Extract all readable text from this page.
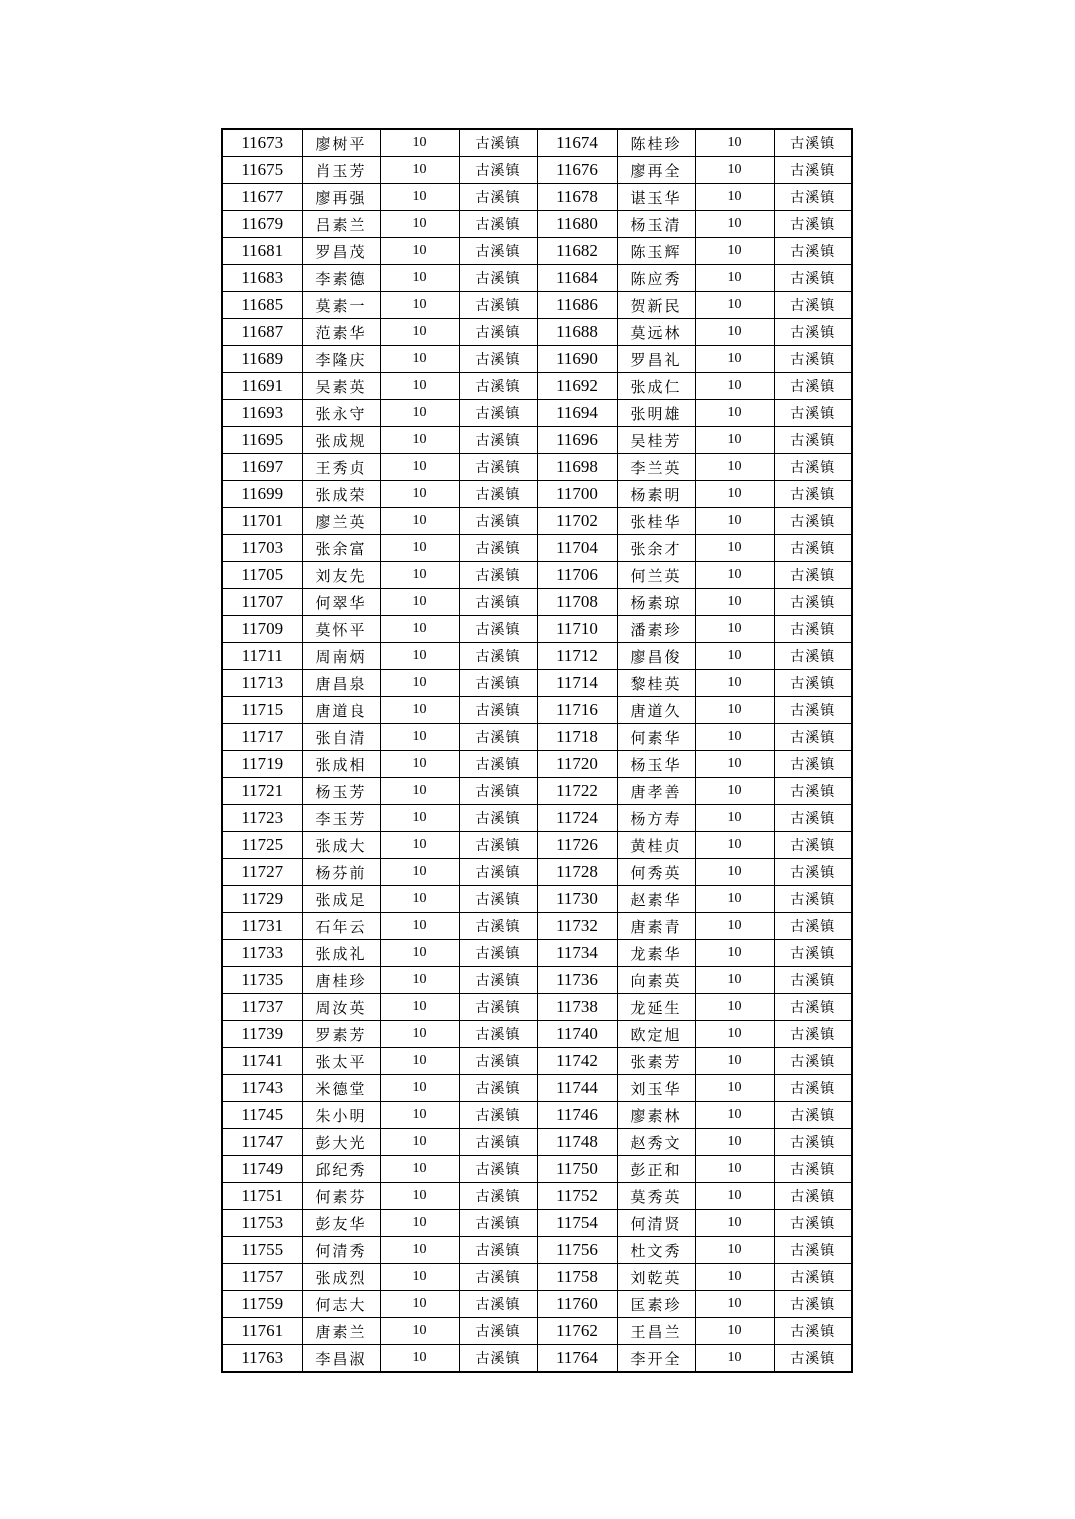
11673	廖树平	10	古溪镇	11674	陈桂珍	10	古溪镇
11675	肖玉芳	10	古溪镇	11676	廖再全	10	古溪镇
11677	廖再强	10	古溪镇	11678	谌玉华	10	古溪镇
11679	吕素兰	10	古溪镇	11680	杨玉清	10	古溪镇
11681	罗昌茂	10	古溪镇	11682	陈玉辉	10	古溪镇
11683	李素德	10	古溪镇	11684	陈应秀	10	古溪镇
11685	莫素一	10	古溪镇	11686	贺新民	10	古溪镇
11687	范素华	10	古溪镇	11688	莫远林	10	古溪镇
11689	李隆庆	10	古溪镇	11690	罗昌礼	10	古溪镇
11691	吴素英	10	古溪镇	11692	张成仁	10	古溪镇
11693	张永守	10	古溪镇	11694	张明雄	10	古溪镇
11695	张成规	10	古溪镇	11696	吴桂芳	10	古溪镇
11697	王秀贞	10	古溪镇	11698	李兰英	10	古溪镇
11699	张成荣	10	古溪镇	11700	杨素明	10	古溪镇
11701	廖兰英	10	古溪镇	11702	张桂华	10	古溪镇
11703	张余富	10	古溪镇	11704	张余才	10	古溪镇
11705	刘友先	10	古溪镇	11706	何兰英	10	古溪镇
11707	何翠华	10	古溪镇	11708	杨素琼	10	古溪镇
11709	莫怀平	10	古溪镇	11710	潘素珍	10	古溪镇
11711	周南炳	10	古溪镇	11712	廖昌俊	10	古溪镇
11713	唐昌泉	10	古溪镇	11714	黎桂英	10	古溪镇
11715	唐道良	10	古溪镇	11716	唐道久	10	古溪镇
11717	张自清	10	古溪镇	11718	何素华	10	古溪镇
11719	张成相	10	古溪镇	11720	杨玉华	10	古溪镇
11721	杨玉芳	10	古溪镇	11722	唐孝善	10	古溪镇
11723	李玉芳	10	古溪镇	11724	杨方寿	10	古溪镇
11725	张成大	10	古溪镇	11726	黄桂贞	10	古溪镇
11727	杨芬前	10	古溪镇	11728	何秀英	10	古溪镇
11729	张成足	10	古溪镇	11730	赵素华	10	古溪镇
11731	石年云	10	古溪镇	11732	唐素青	10	古溪镇
11733	张成礼	10	古溪镇	11734	龙素华	10	古溪镇
11735	唐桂珍	10	古溪镇	11736	向素英	10	古溪镇
11737	周汝英	10	古溪镇	11738	龙延生	10	古溪镇
11739	罗素芳	10	古溪镇	11740	欧定旭	10	古溪镇
11741	张太平	10	古溪镇	11742	张素芳	10	古溪镇
11743	米德堂	10	古溪镇	11744	刘玉华	10	古溪镇
11745	朱小明	10	古溪镇	11746	廖素林	10	古溪镇
11747	彭大光	10	古溪镇	11748	赵秀文	10	古溪镇
11749	邱纪秀	10	古溪镇	11750	彭正和	10	古溪镇
11751	何素芬	10	古溪镇	11752	莫秀英	10	古溪镇
11753	彭友华	10	古溪镇	11754	何清贤	10	古溪镇
11755	何清秀	10	古溪镇	11756	杜文秀	10	古溪镇
11757	张成烈	10	古溪镇	11758	刘乾英	10	古溪镇
11759	何志大	10	古溪镇	11760	匡素珍	10	古溪镇
11761	唐素兰	10	古溪镇	11762	王昌兰	10	古溪镇
11763	李昌淑	10	古溪镇	11764	李开全	10	古溪镇
